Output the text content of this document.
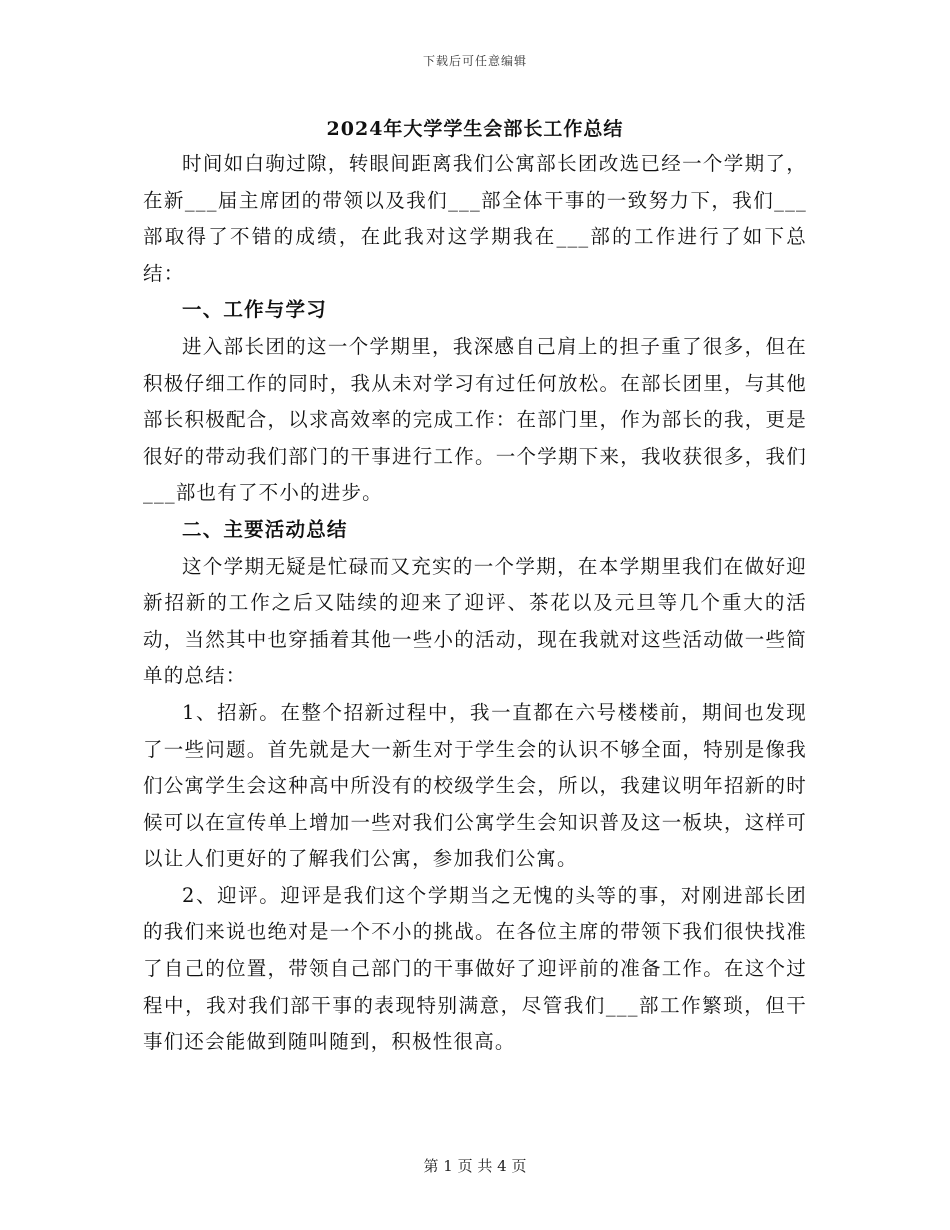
下载后可任意编辑
2024年大学学生会部长工作总结

时间如白驹过隙，转眼间距离我们公寓部长团改选已经一个学期了，在新___届主席团的带领以及我们___部全体干事的一致努力下，我们___部取得了不错的成绩，在此我对这学期我在___部的工作进行了如下总结：

一、工作与学习

进入部长团的这一个学期里，我深感自己肩上的担子重了很多，但在积极仔细工作的同时，我从未对学习有过任何放松。在部长团里，与其他部长积极配合，以求高效率的完成工作：在部门里，作为部长的我，更是很好的带动我们部门的干事进行工作。一个学期下来，我收获很多，我们___部也有了不小的进步。

二、主要活动总结

这个学期无疑是忙碌而又充实的一个学期，在本学期里我们在做好迎新招新的工作之后又陆续的迎来了迎评、茶花以及元旦等几个重大的活动，当然其中也穿插着其他一些小的活动，现在我就对这些活动做一些简单的总结：

1、招新。在整个招新过程中，我一直都在六号楼楼前，期间也发现了一些问题。首先就是大一新生对于学生会的认识不够全面，特别是像我们公寓学生会这种高中所没有的校级学生会，所以，我建议明年招新的时候可以在宣传单上增加一些对我们公寓学生会知识普及这一板块，这样可以让人们更好的了解我们公寓，参加我们公寓。

2、迎评。迎评是我们这个学期当之无愧的头等的事，对刚进部长团的我们来说也绝对是一个不小的挑战。在各位主席的带领下我们很快找准了自己的位置，带领自己部门的干事做好了迎评前的准备工作。在这个过程中，我对我们部干事的表现特别满意，尽管我们___部工作繁琐，但干事们还会能做到随叫随到，积极性很高。

第 1 页 共 4 页
